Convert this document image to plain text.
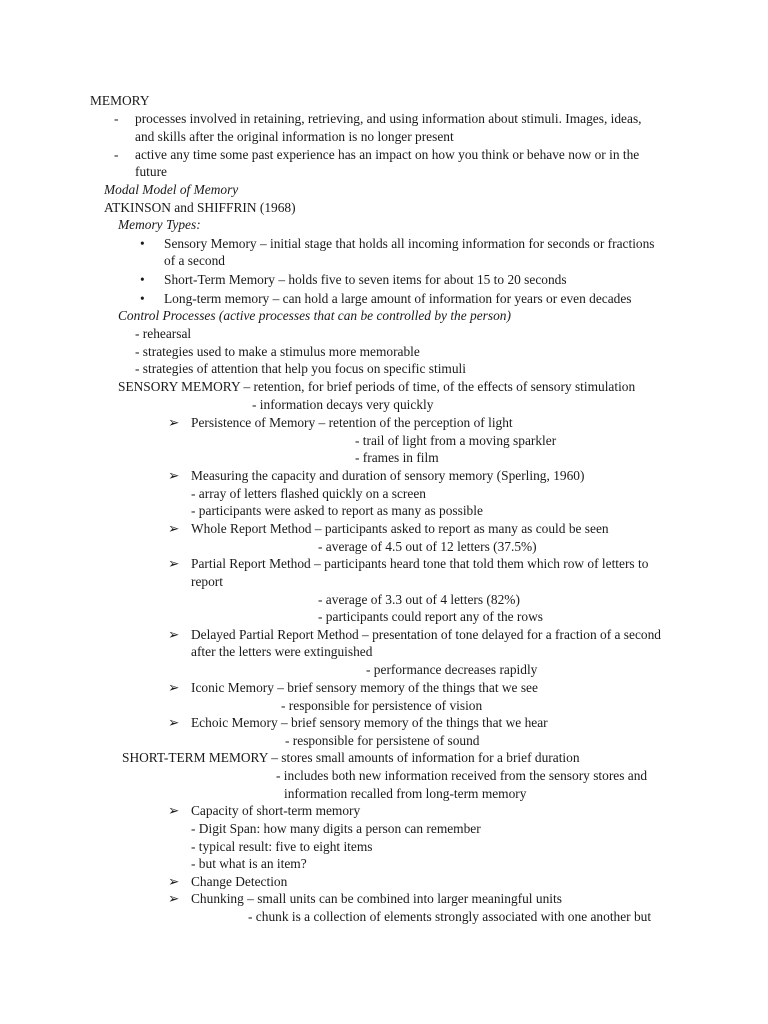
MEMORY
- processes involved in retaining, retrieving, and using information about stimuli. Images, ideas,
and skills after the original information is no longer present
- active any time some past experience has an impact on how you think or behave now or in the
future
Modal Model of Memory
ATKINSON and SHIFFRIN (1968)
Memory Types:
• Sensory Memory – initial stage that holds all incoming information for seconds or fractions
of a second
• Short-Term Memory – holds five to seven items for about 15 to 20 seconds
• Long-term memory – can hold a large amount of information for years or even decades
Control Processes (active processes that can be controlled by the person)
- rehearsal
- strategies used to make a stimulus more memorable
- strategies of attention that help you focus on specific stimuli
SENSORY MEMORY – retention, for brief periods of time, of the effects of sensory stimulation
- information decays very quickly
➢ Persistence of Memory – retention of the perception of light
- trail of light from a moving sparkler
- frames in film
➢ Measuring the capacity and duration of sensory memory (Sperling, 1960)
- array of letters flashed quickly on a screen
- participants were asked to report as many as possible
➢ Whole Report Method – participants asked to report as many as could be seen
- average of 4.5 out of 12 letters (37.5%)
➢ Partial Report Method – participants heard tone that told them which row of letters to
report
- average of 3.3 out of 4 letters (82%)
- participants could report any of the rows
➢ Delayed Partial Report Method – presentation of tone delayed for a fraction of a second
after the letters were extinguished
- performance decreases rapidly
➢ Iconic Memory – brief sensory memory of the things that we see
- responsible for persistence of vision
➢ Echoic Memory – brief sensory memory of the things that we hear
- responsible for persistene of sound
SHORT-TERM MEMORY – stores small amounts of information for a brief duration
- includes both new information received from the sensory stores and
information recalled from long-term memory
➢ Capacity of short-term memory
- Digit Span: how many digits a person can remember
- typical result: five to eight items
- but what is an item?
➢ Change Detection
➢ Chunking – small units can be combined into larger meaningful units
- chunk is a collection of elements strongly associated with one another but
